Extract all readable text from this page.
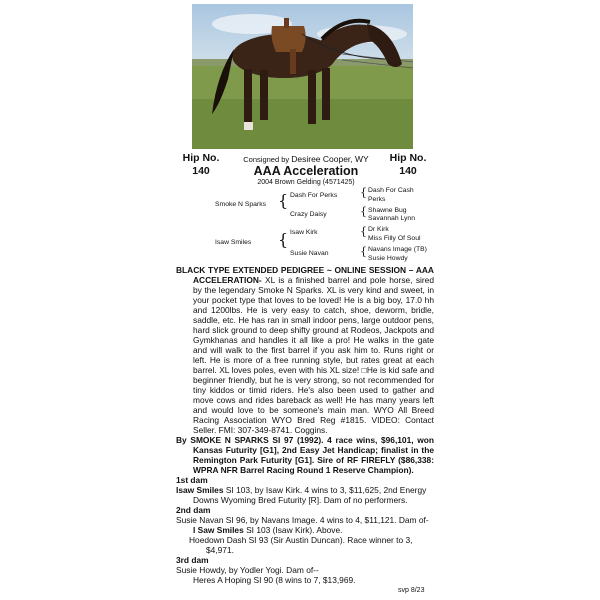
Hip No.
140
Hip No.
140
Consigned by Desiree Cooper, WY
AAA Acceleration
2004 Brown Gelding (4571425)
Smoke N Sparks { Dash For Perks
Crazy Daisy
{ Dash For Cash
Perks
{ Shawne Bug
Savannah Lynn
Isaw Smiles { Isaw Kirk
Susie Navan
{ Dr Kirk
Miss Filly Of Soul
{ Navans Image (TB)
Susie Howdy

BLACK TYPE EXTENDED PEDIGREE ~ ONLINE SESSION – AAA ACCELERATION- XL is a finished barrel and pole horse, sired by the legendary Smoke N Sparks. XL is very kind and sweet, in your pocket type that loves to be loved! He is a big boy, 17.0 hh and 1200lbs. He is very easy to catch, shoe, deworm, bridle, saddle, etc. He has ran in small indoor pens, large outdoor pens, hard slick ground to deep shifty ground at Rodeos, Jackpots and Gymkhanas and handles it all like a pro! He walks in the gate and will walk to the first barrel if you ask him to. Runs right or left. He is more of a free running style, but rates great at each barrel. XL loves poles, even with his XL size! □He is kid safe and beginner friendly, but he is very strong, so not recommended for tiny kiddos or timid riders. He's also been used to gather and move cows and rides bareback as well! He has many years left and would love to be someone's main man. WYO All Breed Racing Association WYO Bred Reg #1815. VIDEO: Contact Seller. FMI: 307-349-8741. Coggins.

By SMOKE N SPARKS SI 97 (1992). 4 race wins, $96,101, won Kansas Futurity [G1], 2nd Easy Jet Handicap; finalist in the Remington Park Futurity [G1]. Sire of RF FIREFLY ($86,338: WPRA NFR Barrel Racing Round 1 Reserve Champion).

1st dam

Isaw Smiles SI 103, by Isaw Kirk. 4 wins to 3, $11,625, 2nd Energy Downs Wyoming Bred Futurity [R]. Dam of no performers.

2nd dam

Susie Navan SI 96, by Navans Image. 4 wins to 4, $11,121. Dam of-

I Saw Smiles SI 103 (Isaw Kirk). Above.

Hoedown Dash SI 93 (Sir Austin Duncan). Race winner to 3, $4,971.

3rd dam

Susie Howdy, by Yodler Yogi. Dam of--

Heres A Hoping SI 90 (8 wins to 7, $13,969.

svp 8/23
